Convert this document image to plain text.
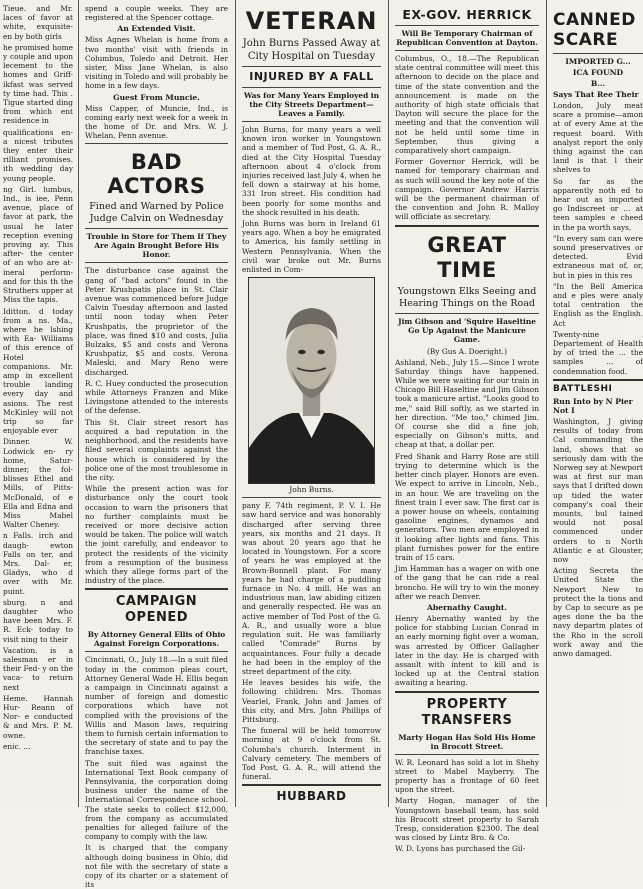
Tieue. and Mr. laces of favor at white, exquisite- en by both girls

he promised home y couple and upon lecement to the homes and Griff- ikfast was served ty time had. This . Tigue started ding from which ent residence in

qualifications en- a nicest tributes they enter their rilliant promises. ith wedding day young people.

ng Girl. lumbus, Ind., is iee, Penn avenue, place of favor at park, the usual he later reception evening proving ay. This after- the center of an who are at- ineral perform- and for this th the Struthers upper at Miss the tapis.

Iditton. d today from a ns. Ma., where he lshing with Ea- Williams of this erence of Hotel companions. Mr. amp in excellent trouble landing every day and asions. The rest McKinley will not trip so far enjoyable ever

Dinner. W. Lodwick en- ry home, Satur- dinner, the fol- blisses Ethel and Mills, of Pitts- McDonald, of e Ella and Edna and Miss Mabel Walter Cheney.

n Falls. irch and daugh- ewton Falls on ter, and Mrs. Dal- er, Gladys, who d over with Mr. puint.

sburg. n and daughter who have been Mrs. F. R. Eck- today to visit ning to their

Vacation. is a salesman er in their Fed- y on the vaca- to return next

Heme. Hannah Hur- Reann of Nor- e conducted & and Mrs. P. M. owne.

enic. ...

spend a couple weeks. They are registered at the Spencer cottage.

An Extended Visit.

Miss Agnes Whelan is home from a two months' visit with friends in Columbus, Toledo and Detroit. Her sister, Miss Jane Whelan, is also visiting in Toledo and will probably be home in a few days.

Guest From Muncie.

Miss Capper, of Muncie, Ind., is coming early next week for a week in the home of Dr. and Mrs. W. J. Whelan, Penn avenue.

BAD ACTORS
Fined and Warned by Police Judge Calvin on Wednesday
Trouble in Store for Them If They Are Again Brought Before His Honor.

The disturbance case against the gang of "bad actors" found in the Peter Krushpatis place in St. Clair avenue was commenced before Judge Calvin Tuesday afternoon and lasted until noon today when Peter Krushpatis, the proprietor of the place, was fined $10 and costs, Julia Bulzaks, $5 and costs and Verona Krushpatiz, $5 and costs. Verona Maleski, and Mary Reno were discharged.

R. C. Huey conducted the prosecution while Attorneys Franzen and Mike Livingstone attended to the interests of the defense.

This St. Clair street resort has acquired a bad reputation in the neighborhood, and the residents have filed several complaints against the house which is considered by the police one of the most troublesome in the city.

While the present action was for disturbance only the court took occasion to warn the prisoners that no further complaints must be received or more decisive action would be taken. The police will watch the joint carefully, and endeavor to protect the residents of the vicinity from a resumption of the business which they allege forms part of the industry of the place.

CAMPAIGN OPENED
By Attorney General Ellis of Ohio Against Foreign Corporations.

Cincinnati, O., July 18.—In a suit filed today in the common pleas court, Attorney General Wade H. Ellis began a campaign in Cincinnati against a number of foreign and domestic corporations which have not complied with the provisions of the Willis and Mason laws, requiring them to furnish certain information to the secretary of state and to pay the franchise taxes.

The suit filed was against the International Text Book company of Pennsylvania, the corporation doing business under the name of the International Correspondence school. The state seeks to collect $12,000, from the company as accumulated penalties for alleged failure of the company to comply with the law.

It is charged that the company although doing business in Ohio, did not file with the secretary of state a copy of its charter or a statement of its

VETERAN
John Burns Passed Away at City Hospital on Tuesday
INJURED BY A FALL
Was for Many Years Employed in the City Streets Department—Leaves a Family.

John Burns, for many years a well known iron worker in Youngstown and a member of Tod Post, G. A. R., died at the City Hospital Tuesday afternoon about 4 o'clock from injuries received last July 4, when he fell down a stairway at his home, 331 Iron street. His condition had been poorly for some months and the shock resulted in his death.

John Burns was born in Ireland 61 years ago. When a boy he emigrated to America, his family settling in Western Pennsylvania. When the civil war broke out Mr. Burns enlisted in Com-

John Burns.

pany F, 74th regiment, P. V. I. He saw hard service and was honorably discharged after serving three years, six months and 21 days. It was about 20 years ago that he located in Youngstown. For a score of years he was employed at the Brown-Bonnell plant. For many years he had charge of a puddling furnace in No. 4 mill. He was an industrious man, law abiding citizen and generally respected. He was an active member of Tod Post of the G. A. R., and usually wore a blue regulation suit. He was familiarly called "Comrade" Burns by acquaintances. Four fully a decade he had been in the employ of the street department of the city.

He leaves besides his wife, the following children: Mrs. Thomas Vearlel, Frank, John and James of this city, and Mrs. John Phillips of Pittsburg.

The funeral will be held tomorrow morning at 9 o'clock from St. Columba's church. Interment in Calvary cemetery. The members of Tod Post, G. A. R., will attend the funeral.

HUBBARD
EX-GOV. HERRICK
Will Be Temporary Chairman of Republican Convention at Dayton.

Columbus, O., 18.—The Republican state central committee will meet this afternoon to decide on the place and time of the state convention and the announcement is made on the authority of high state officials that Dayton will secure the place for the meeting and that the convention will not be held until some time in September, thus giving a comparatively short campaign.

Former Governor Herrick, will be named for temporary chairman and as such will sound the key note of the campaign. Governor Andrew Harris will be the permanent chairman of the convention and John R. Malloy will officiate as secretary.

GREAT TIME
Youngstown Elks Seeing and Hearing Things on the Road
Jim Gibson and 'Squire Haseltine Go Up Against the Manicure Game.
(By Gus A. Doeright.)

Ashland, Neb., July 15.—Since I wrote Saturday things have happened. While we were waiting for our train in Chicago Bill Haseltine and Jim Gibson took a manicure artist. "Looks good to me," said Bill softly, as we started in her direction. "Me too," chimed Jim. Of course she did a fine job, especially on Gibson's mitts, and cheap at that, a dollar per.

Fred Shank and Harry Rose are still trying to determine which is the better cinch player. Honors are even. We expect to arrive in Lincoln, Neb., in an hour. We are traveling on the finest train I ever saw. The first car is a power house on wheels, containing gasoline engines, dynamos and generators. Two men are employed in it looking after lights and fans. This plant furnishes power for the entire train of 15 cars.

Jim Hamman has a wager on with one of the gang that he can ride a real broncho. He will try to win the money after we reach Denver.

Abernathy Caught.

Henry Abernathy wanted by the police for stabbing Lucian Conrad in an early morning fight over a woman, was arrested by Officer Gallagher later in the day. He is charged with assault with intent to kill and is locked up at the Central station awaiting a hearing.

PROPERTY TRANSFERS
Marty Hogan Has Sold His Home in Brocott Street.

W. R. Leonard has sold a lot in Shehy street to Mabel Mayberry. The property has a frontage of 60 feet upon the street.

Marty Hogan, manager of the Youngstown baseball team, has sold his Brocott street property to Sarah Tresp, consideration $2300. The deal was closed by Lintz Bro. & Co.

W. D. Lyons has purchased the Gil-

CANNED SCARE

IMPORTED G...

ICA FOUND

B...

Says That Ree Their

London, July meat scare a promise—amon at of every Ame at the request board. With analyst report the only thing against the can land is that l their shelves to

So far as the apparently noth ed to hear out as imported go Indiscreet or ... at teen samples e cheed in the pa worth says,

"In every sam can were sound preservatives or detected. Evid extraneous mat of, or, but in pies in this res

"In the Bell America and e ples were analy total centration the English as the English. Act

Twenty-nine Departement of Health by of tried the ... the samples ... of condemnation food.

BATTLESHI
Run Into by N Pier Not I

Washington, J giving results of today from Cal commanding the land, shows that so seriously dam with the Norweg sey at Newport was at first sur man says that I drifted down up tided the water company's coal their mounts, bul tained would not posal commenced under orders to n North Atlantic e at Glouster, now

Acting Secreta the United State the Newport New to protect the la tions and by Cap to secure as pe ages done the ba the navy departm plates of the Rho in the scroll work away and the anwo damaged.
